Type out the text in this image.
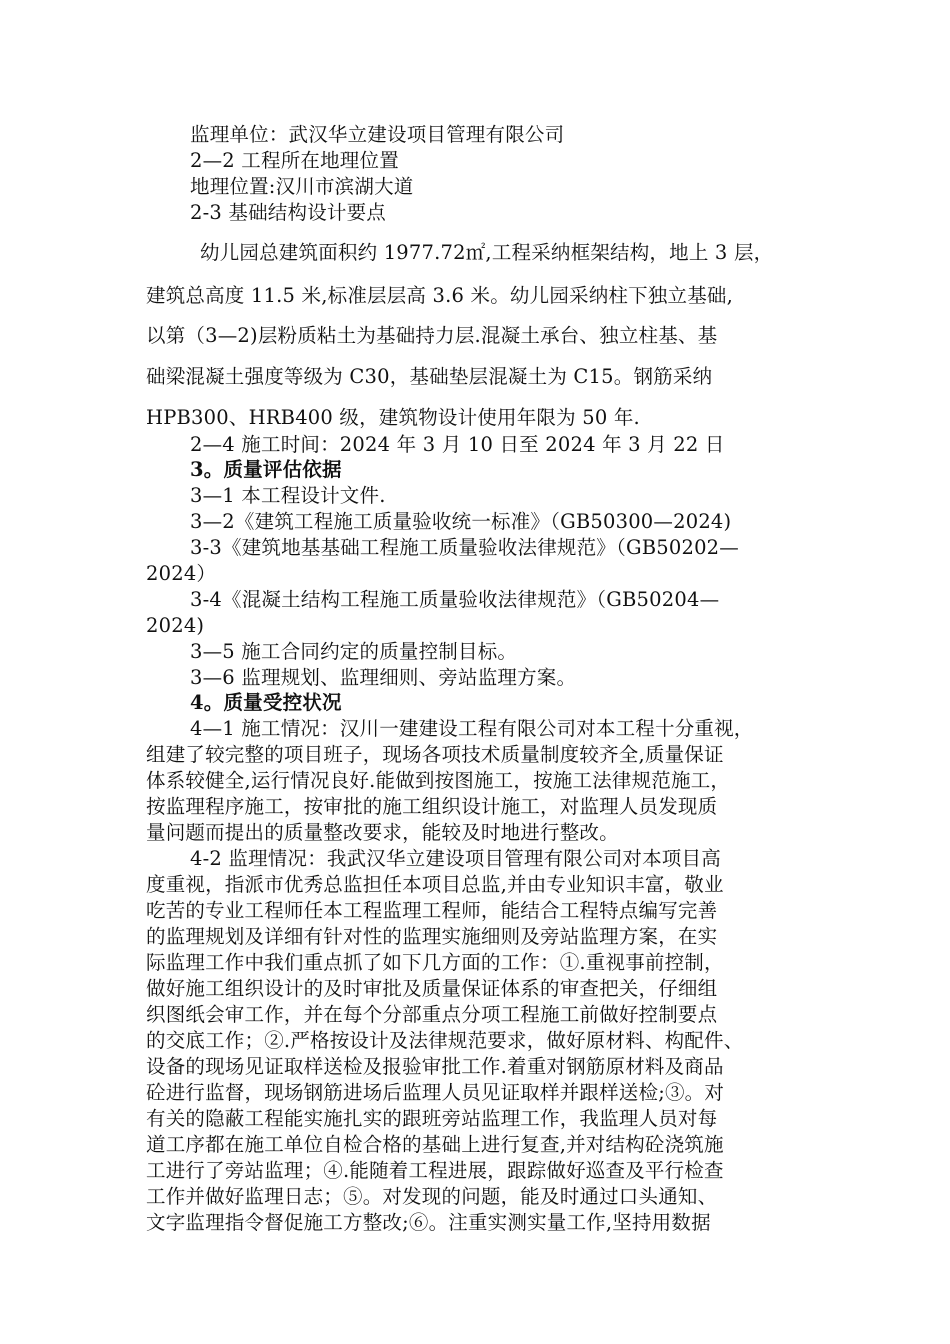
监理单位：武汉华立建设项目管理有限公司
2—2 工程所在地理位置
地理位置:汉川市滨湖大道
2-3 基础结构设计要点
幼儿园总建筑面积约 1977.72㎡,工程采纳框架结构，地上 3 层，
建筑总高度 11.5 米,标准层层高 3.6 米。幼儿园采纳柱下独立基础,
以第（3—2)层粉质粘土为基础持力层.混凝土承台、独立柱基、基
础梁混凝土强度等级为 C30，基础垫层混凝土为 C15。钢筋采纳
HPB300、HRB400 级，建筑物设计使用年限为 50 年.
2—4 施工时间：2024 年 3 月 10 日至 2024 年 3 月 22 日
3。质量评估依据
3—1 本工程设计文件.
3—2《建筑工程施工质量验收统一标准》（GB50300—2024)
3-3《建筑地基基础工程施工质量验收法律规范》（GB50202—
2024）
3-4《混凝土结构工程施工质量验收法律规范》（GB50204—
2024)
3—5 施工合同约定的质量控制目标。
3—6 监理规划、监理细则、旁站监理方案。
4。质量受控状况
4—1 施工情况：汉川一建建设工程有限公司对本工程十分重视，
组建了较完整的项目班子，现场各项技术质量制度较齐全,质量保证
体系较健全,运行情况良好.能做到按图施工，按施工法律规范施工，
按监理程序施工，按审批的施工组织设计施工，对监理人员发现质
量问题而提出的质量整改要求，能较及时地进行整改。
4-2 监理情况：我武汉华立建设项目管理有限公司对本项目高
度重视，指派市优秀总监担任本项目总监,并由专业知识丰富，敬业
吃苦的专业工程师任本工程监理工程师，能结合工程特点编写完善
的监理规划及详细有针对性的监理实施细则及旁站监理方案，在实
际监理工作中我们重点抓了如下几方面的工作：①.重视事前控制，
做好施工组织设计的及时审批及质量保证体系的审查把关，仔细组
织图纸会审工作，并在每个分部重点分项工程施工前做好控制要点
的交底工作；②.严格按设计及法律规范要求，做好原材料、构配件、
设备的现场见证取样送检及报验审批工作.着重对钢筋原材料及商品
砼进行监督，现场钢筋进场后监理人员见证取样并跟样送检;③。对
有关的隐蔽工程能实施扎实的跟班旁站监理工作，我监理人员对每
道工序都在施工单位自检合格的基础上进行复查,并对结构砼浇筑施
工进行了旁站监理；④.能随着工程进展，跟踪做好巡查及平行检查
工作并做好监理日志；⑤。对发现的问题，能及时通过口头通知、
文字监理指令督促施工方整改;⑥。注重实测实量工作,坚持用数据
